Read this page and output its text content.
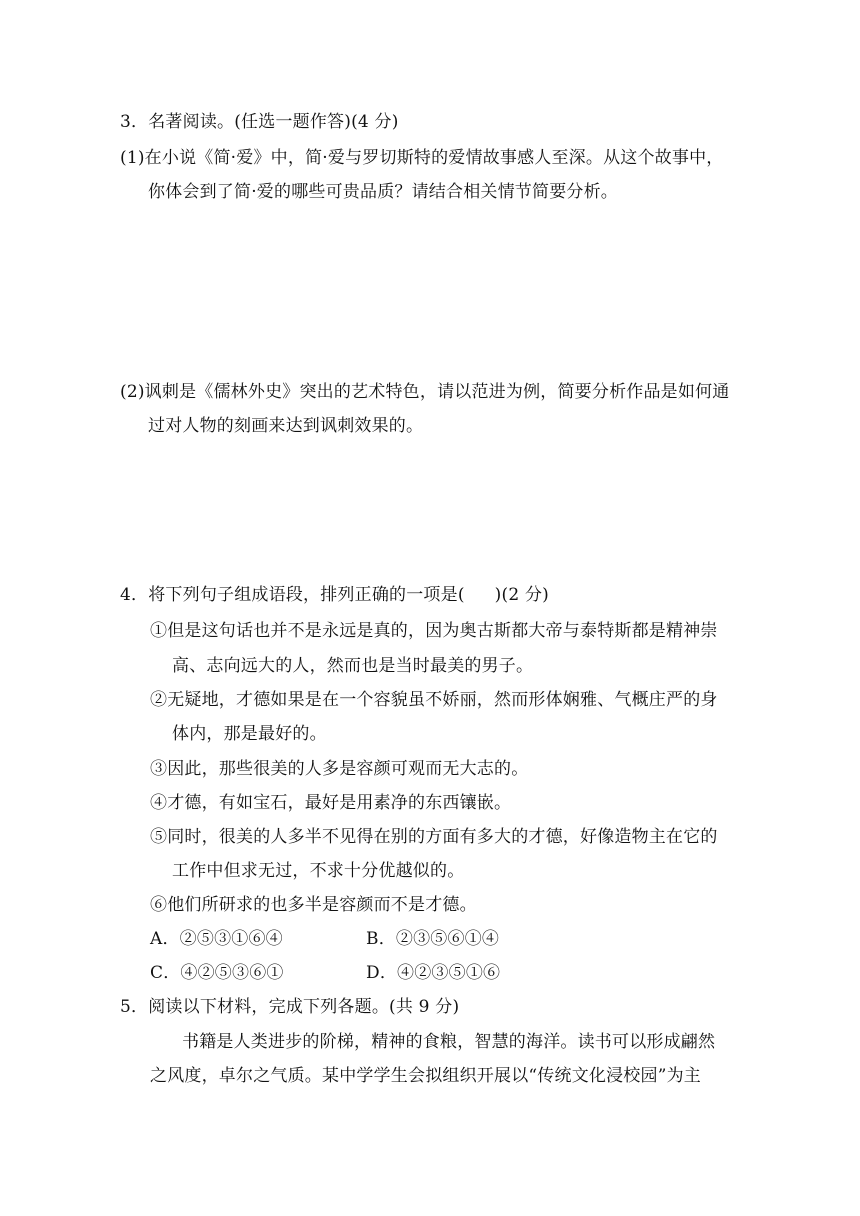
3．名著阅读。(任选一题作答)(4 分)
(1)在小说《简·爱》中，简·爱与罗切斯特的爱情故事感人至深。从这个故事中，
你体会到了简·爱的哪些可贵品质？请结合相关情节简要分析。
(2)讽刺是《儒林外史》突出的艺术特色，请以范进为例，简要分析作品是如何通
过对人物的刻画来达到讽刺效果的。
4．将下列句子组成语段，排列正确的一项是( )(2 分)
①但是这句话也并不是永远是真的，因为奥古斯都大帝与泰特斯都是精神崇
高、志向远大的人，然而也是当时最美的男子。
②无疑地，才德如果是在一个容貌虽不娇丽，然而形体娴雅、气概庄严的身
体内，那是最好的。
③因此，那些很美的人多是容颜可观而无大志的。
④才德，有如宝石，最好是用素净的东西镶嵌。
⑤同时，很美的人多半不见得在别的方面有多大的才德，好像造物主在它的
工作中但求无过，不求十分优越似的。
⑥他们所研求的也多半是容颜而不是才德。
A．②⑤③①⑥④	B．②③⑤⑥①④
C．④②⑤③⑥①	D．④②③⑤①⑥
5．阅读以下材料，完成下列各题。(共 9 分)
书籍是人类进步的阶梯，精神的食粮，智慧的海洋。读书可以形成翩然
之风度，卓尔之气质。某中学学生会拟组织开展以“传统文化浸校园”为主
